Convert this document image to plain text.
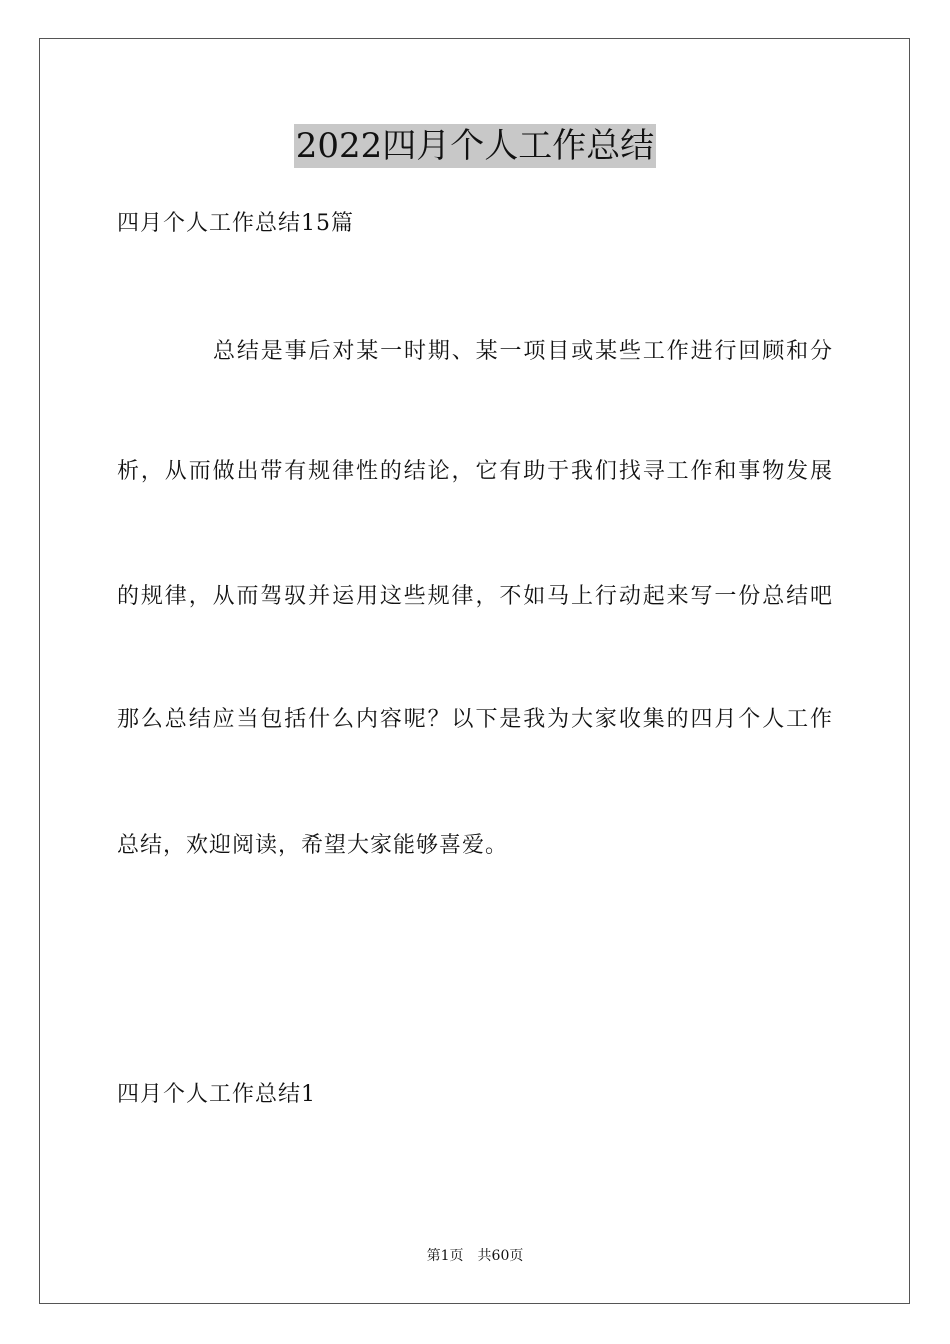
2022四月个人工作总结
四月个人工作总结15篇
总结是事后对某一时期、某一项目或某些工作进行回顾和分
析，从而做出带有规律性的结论，它有助于我们找寻工作和事物发展
的规律，从而驾驭并运用这些规律，不如马上行动起来写一份总结吧
那么总结应当包括什么内容呢？以下是我为大家收集的四月个人工作
总结，欢迎阅读，希望大家能够喜爱。
四月个人工作总结1
第1页　共60页
